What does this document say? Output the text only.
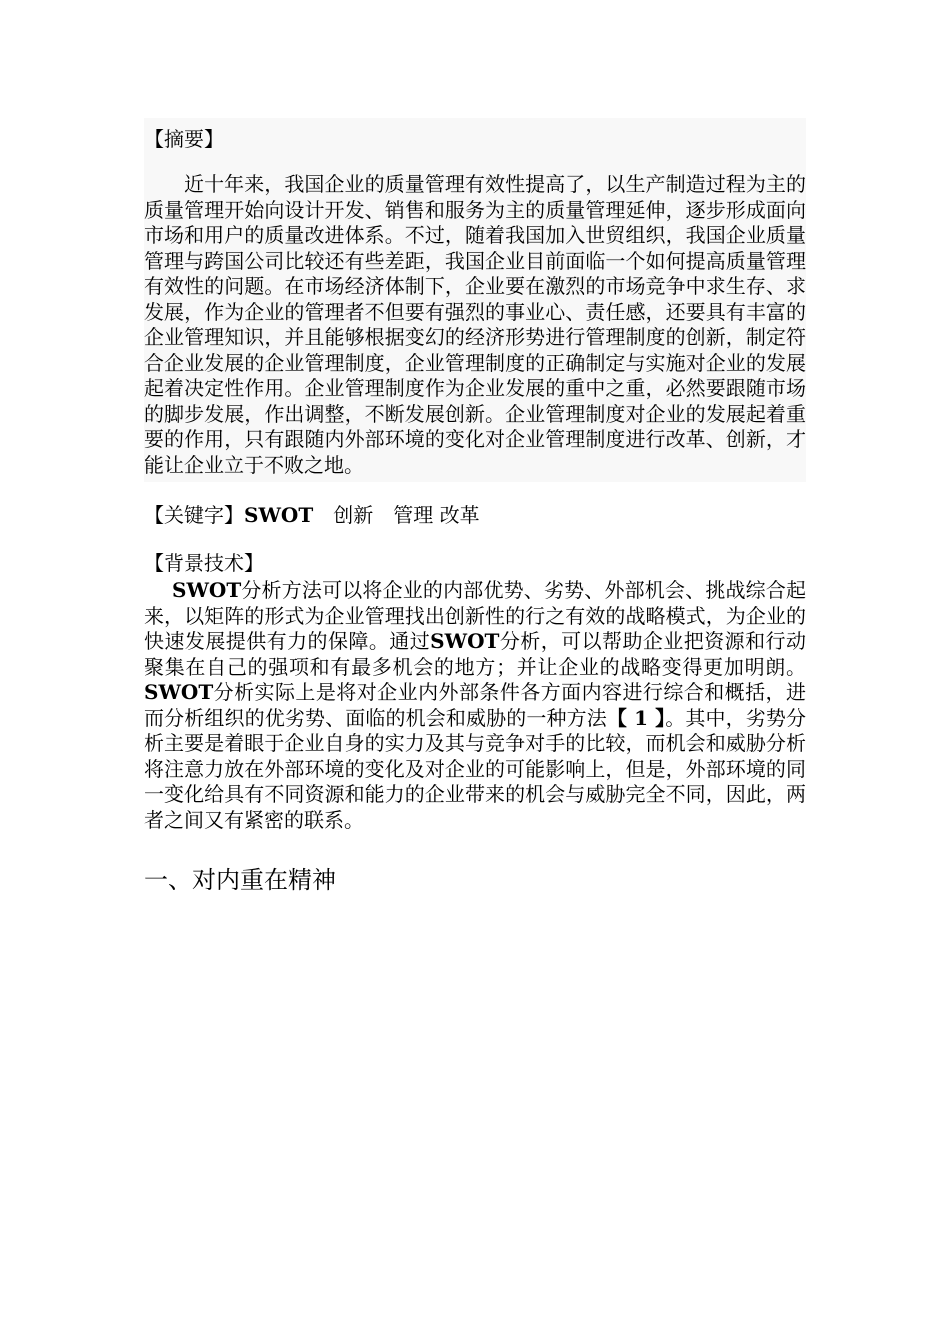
【摘要】

近十年来，我国企业的质量管理有效性提高了，以生产制造过程为主的质量管理开始向设计开发、销售和服务为主的质量管理延伸，逐步形成面向市场和用户的质量改进体系。不过，随着我国加入世贸组织，我国企业质量管理与跨国公司比较还有些差距，我国企业目前面临一个如何提高质量管理有效性的问题。在市场经济体制下，企业要在激烈的市场竞争中求生存、求发展，作为企业的管理者不但要有强烈的事业心、责任感，还要具有丰富的企业管理知识，并且能够根据变幻的经济形势进行管理制度的创新，制定符合企业发展的企业管理制度，企业管理制度的正确制定与实施对企业的发展起着决定性作用。企业管理制度作为企业发展的重中之重，必然要跟随市场的脚步发展，作出调整，不断发展创新。企业管理制度对企业的发展起着重要的作用，只有跟随内外部环境的变化对企业管理制度进行改革、创新，才能让企业立于不败之地。

【关键字】SWOT　 创新　管理 改革

【背景技术】

SWOT分析方法可以将企业的内部优势、劣势、外部机会、挑战综合起来，以矩阵的形式为企业管理找出创新性的行之有效的战略模式，为企业的快速发展提供有力的保障。通过SWOT分析，可以帮助企业把资源和行动聚集在自己的强项和有最多机会的地方；并让企业的战略变得更加明朗。SWOT分析实际上是将对企业内外部条件各方面内容进行综合和概括，进而分析组织的优劣势、面临的机会和威胁的一种方法【 1 】。其中，劣势分析主要是着眼于企业自身的实力及其与竞争对手的比较，而机会和威胁分析将注意力放在外部环境的变化及对企业的可能影响上，但是，外部环境的同一变化给具有不同资源和能力的企业带来的机会与威胁完全不同，因此，两者之间又有紧密的联系。

一、对内重在精神
